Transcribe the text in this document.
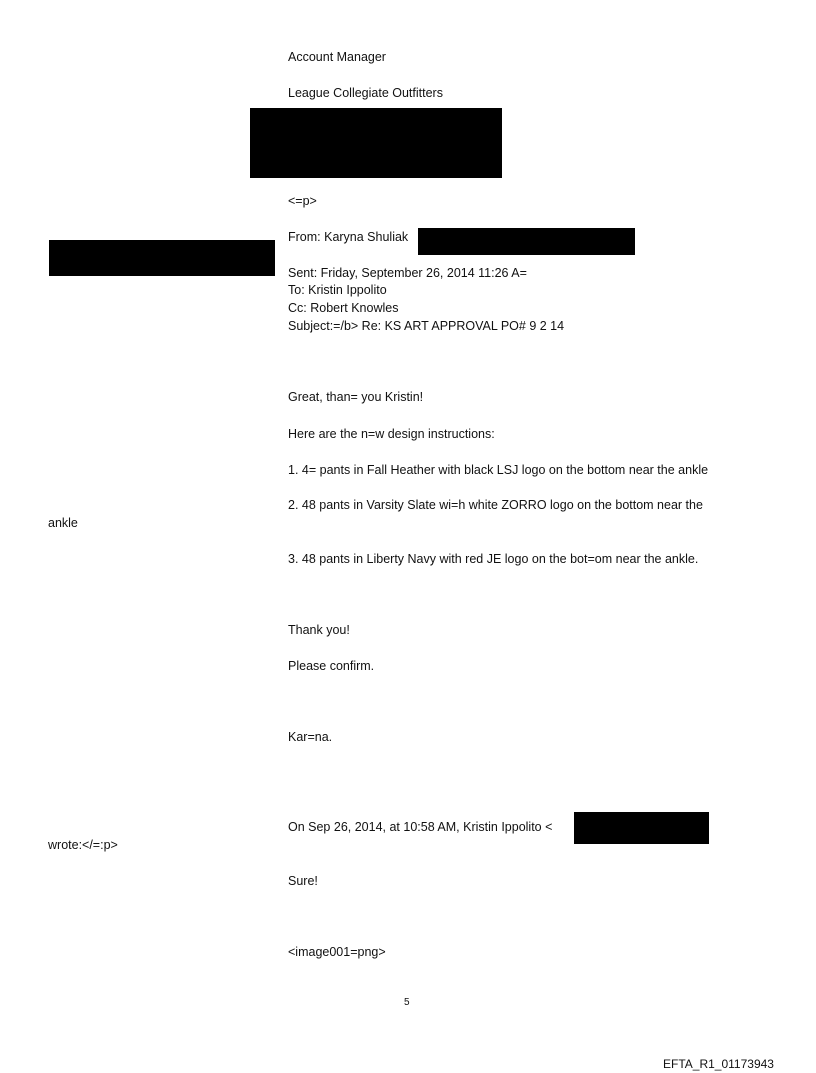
Account Manager
League Collegiate Outfitters
<=p>
From: Karyna Shuliak
Sent: Friday, September 26, 2014 11:26 A=
To: Kristin Ippolito
Cc: Robert Knowles
Subject:=/b> Re: KS ART APPROVAL PO# 9 2 14
Great, than= you Kristin!
Here are the n=w design instructions:
1. 4= pants in Fall Heather with black LSJ logo on the bottom near the ankle
2. 48 pants in Varsity Slate wi=h white ZORRO logo on the bottom near the
ankle
3. 48 pants in Liberty Navy with red JE logo on the bot=om near the ankle.
Thank you!
Please confirm.
Kar=na.
On Sep 26, 2014, at 10:58 AM, Kristin Ippolito <
wrote:</=:p>
Sure!
<image001=png>
5
EFTA_R1_01173943
